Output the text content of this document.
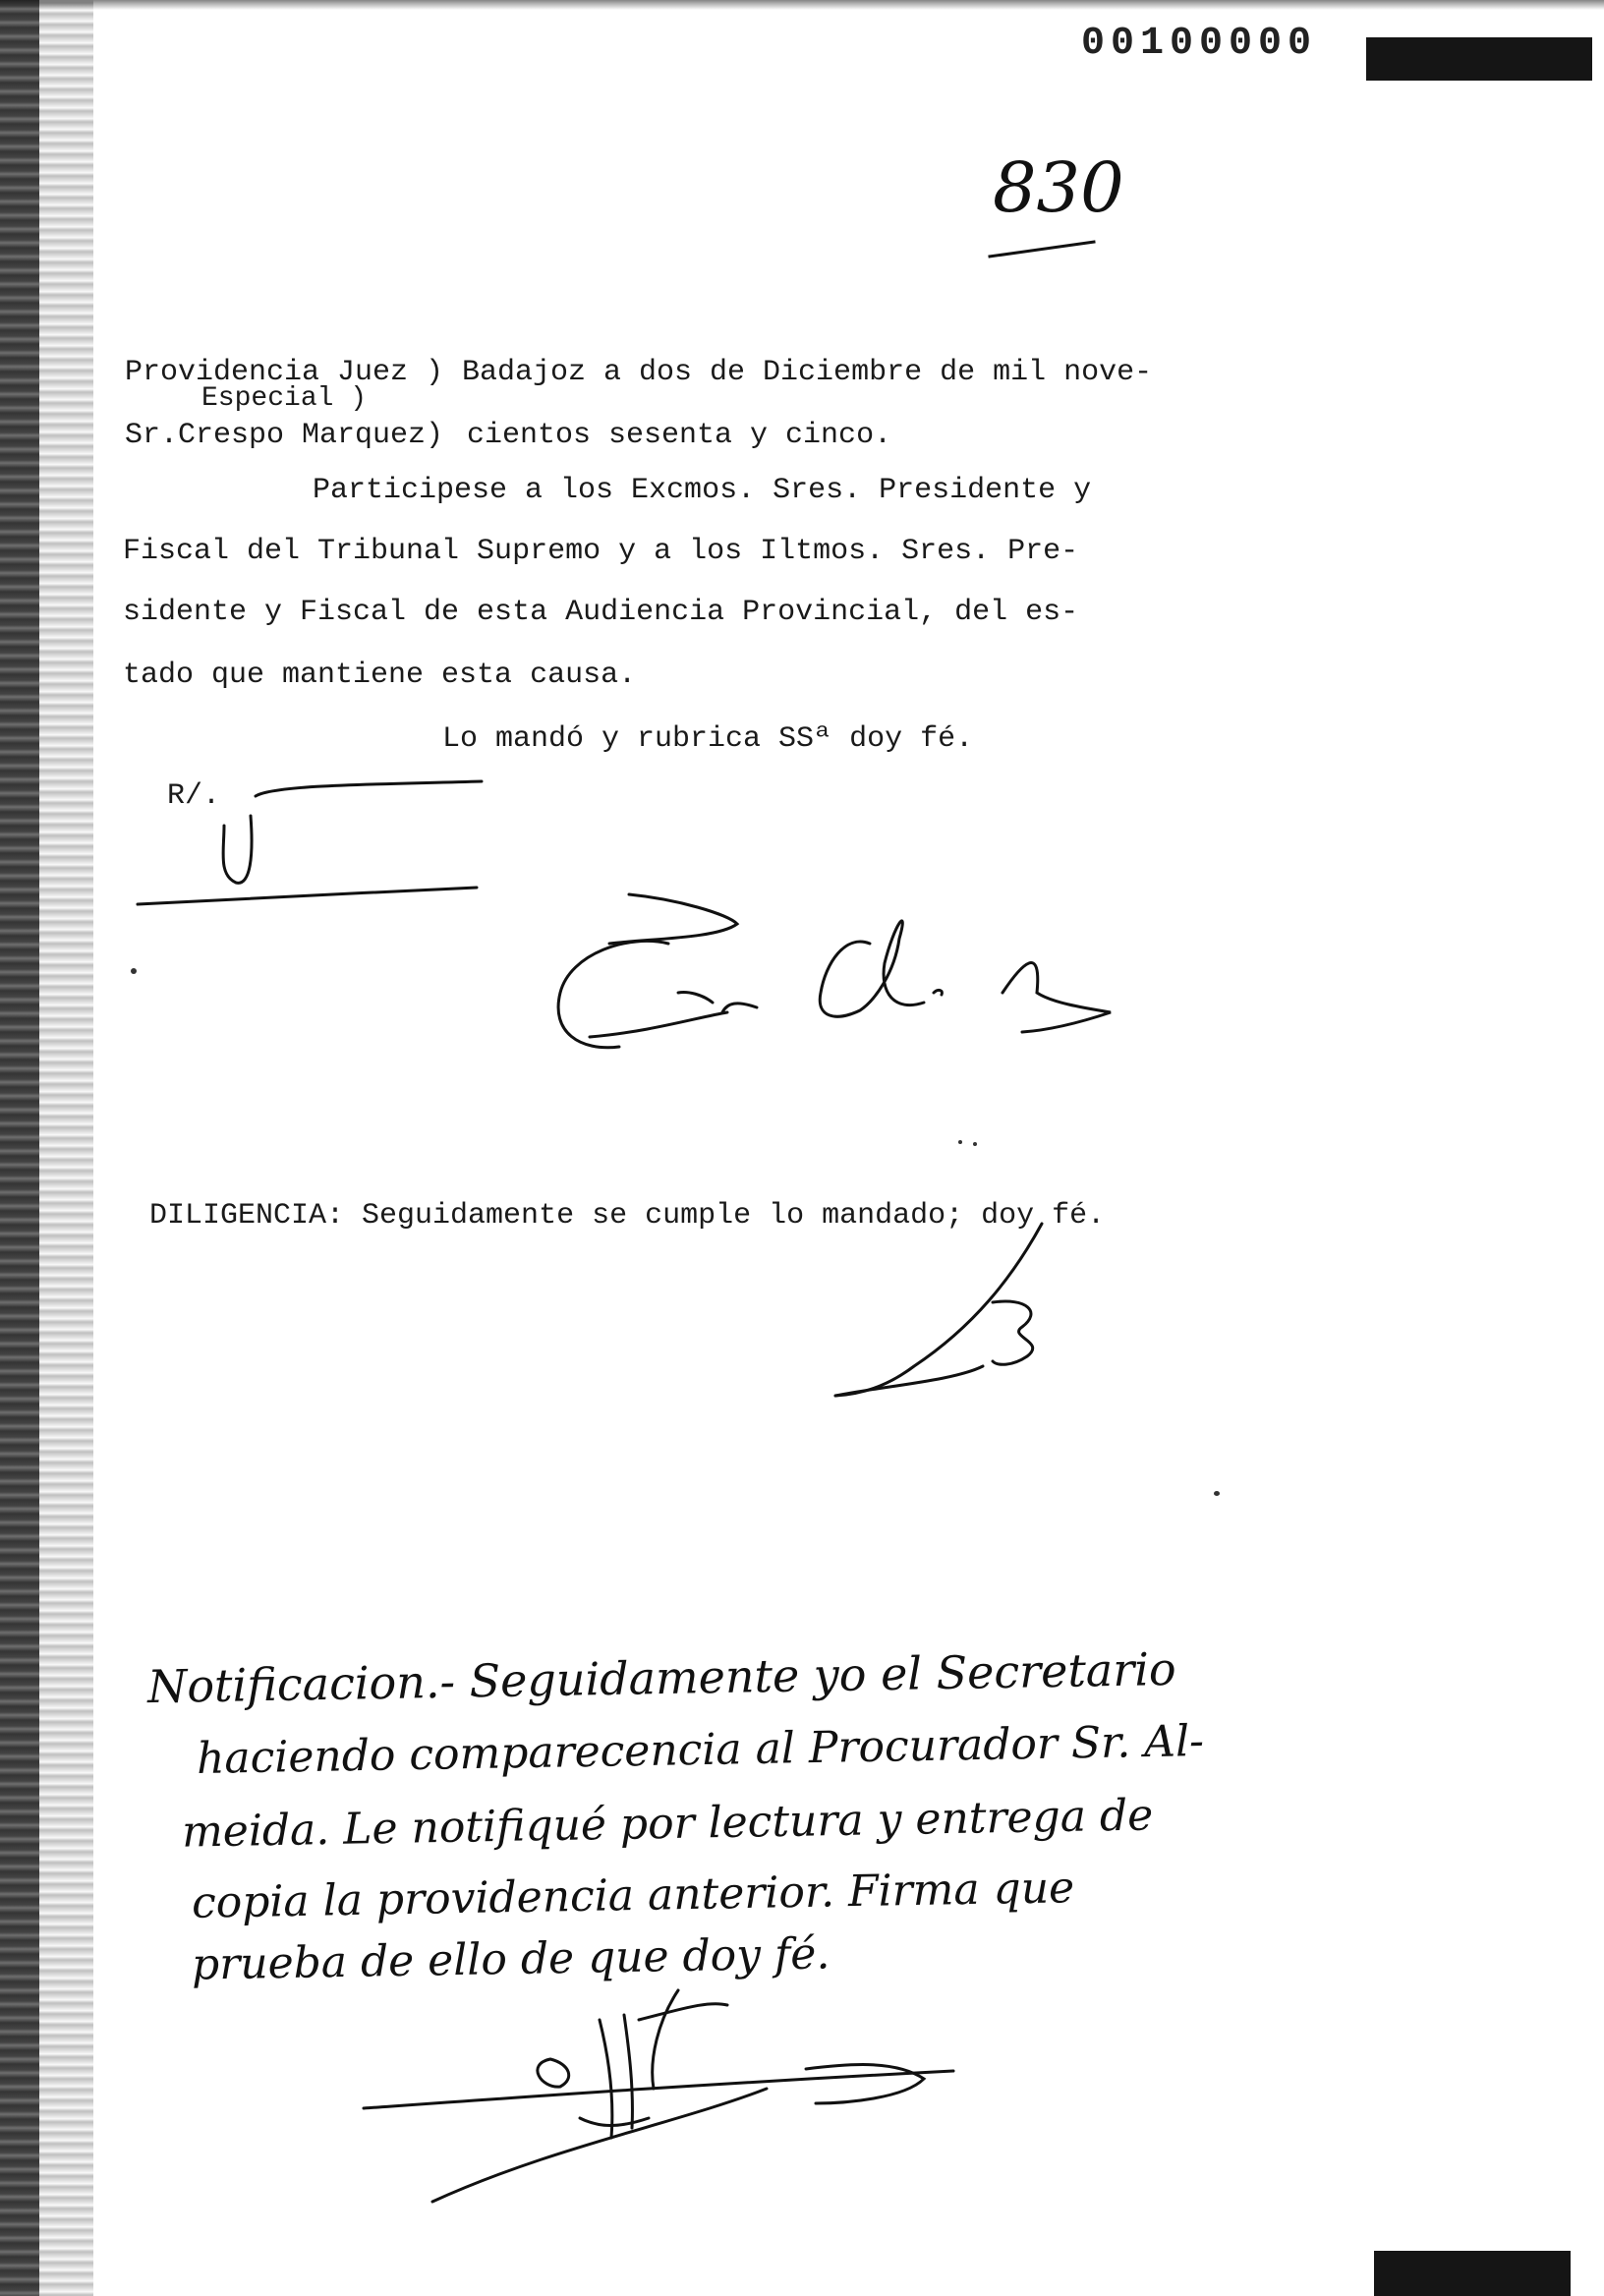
00100000
830
Providencia Juez )
Especial )
Sr.Crespo Marquez)
Badajoz a dos de Diciembre de mil nove-
cientos sesenta y cinco.
Participese a los Excmos. Sres. Presidente y
Fiscal del Tribunal Supremo y a los Iltmos. Sres. Pre-
sidente y Fiscal de esta Audiencia Provincial, del es-
tado que mantiene esta causa.
Lo mandó y rubrica SSª doy fé.
R/.
DILIGENCIA: Seguidamente se cumple lo mandado; doy fé.
Notificacion.- Seguidamente yo el Secretario
haciendo comparecencia al Procurador Sr. Al-
meida. Le notifiqué por lectura y entrega de
copia la providencia anterior. Firma que
prueba de ello de que doy fé.
